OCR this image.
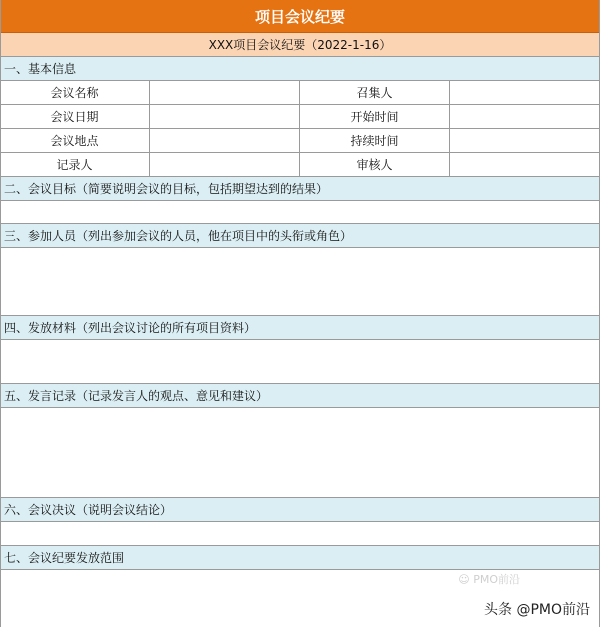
项目会议纪要
XXX项目会议纪要（2022-1-16）
一、基本信息
会议名称	召集人
会议日期	开始时间
会议地点	持续时间
记录人	审核人
二、会议目标（简要说明会议的目标，包括期望达到的结果）
三、参加人员（列出参加会议的人员，他在项目中的头衔或角色）
四、发放材料（列出会议讨论的所有项目资料）
五、发言记录（记录发言人的观点、意见和建议）
六、会议决议（说明会议结论）
七、会议纪要发放范围
☺ PMO前沿
头条 @PMO前沿
